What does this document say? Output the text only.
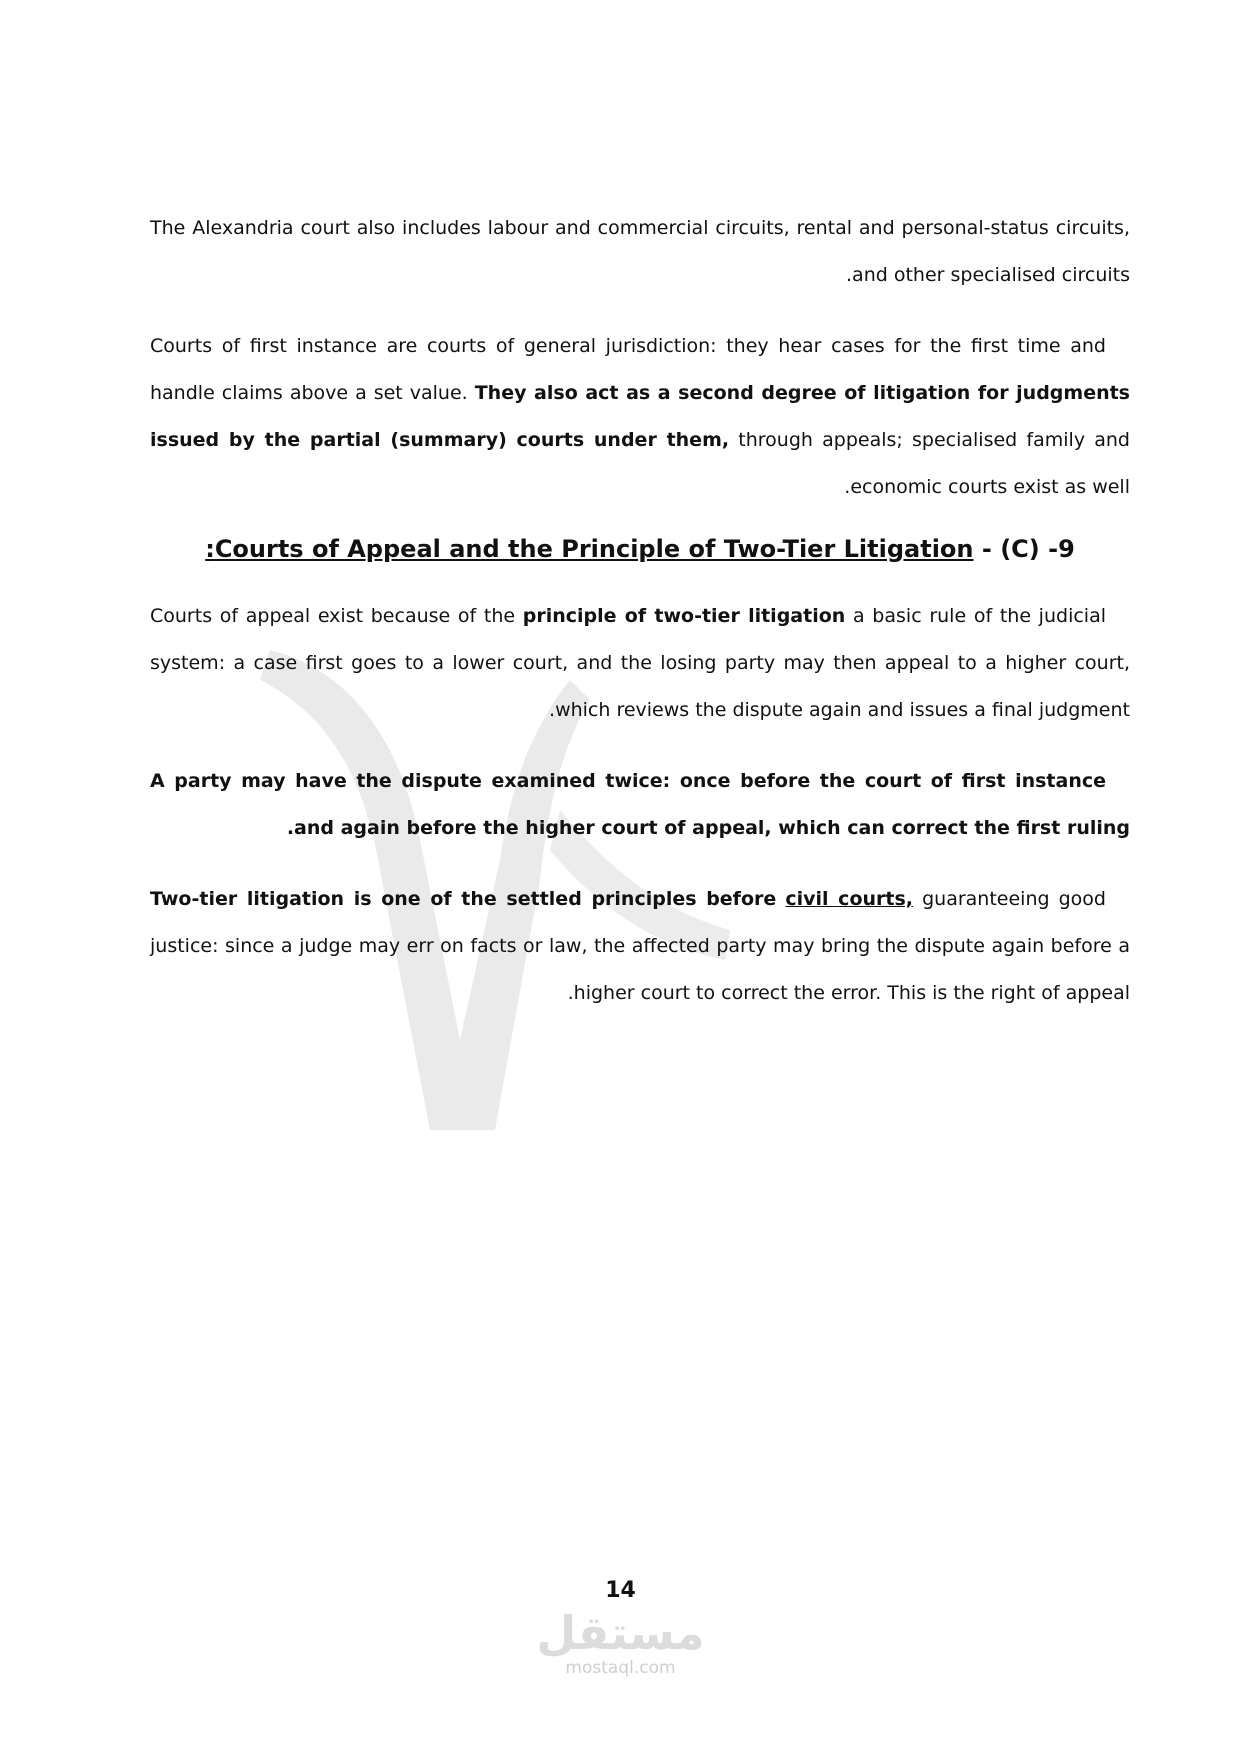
The Alexandria court also includes labour and commercial circuits, rental and personal-status circuits, and other specialised circuits.

Courts of first instance are courts of general jurisdiction: they hear cases for the first time and handle claims above a set value. They also act as a second degree of litigation for judgments issued by the partial (summary) courts under them, through appeals; specialised family and economic courts exist as well.

9- (C) - Courts of Appeal and the Principle of Two-Tier Litigation:

Courts of appeal exist because of the principle of two-tier litigation a basic rule of the judicial system: a case first goes to a lower court, and the losing party may then appeal to a higher court, which reviews the dispute again and issues a final judgment.

A party may have the dispute examined twice: once before the court of first instance and again before the higher court of appeal, which can correct the first ruling.

Two-tier litigation is one of the settled principles before civil courts, guaranteeing good justice: since a judge may err on facts or law, the affected party may bring the dispute again before a higher court to correct the error. This is the right of appeal.

14
مستقل
mostaql.com
